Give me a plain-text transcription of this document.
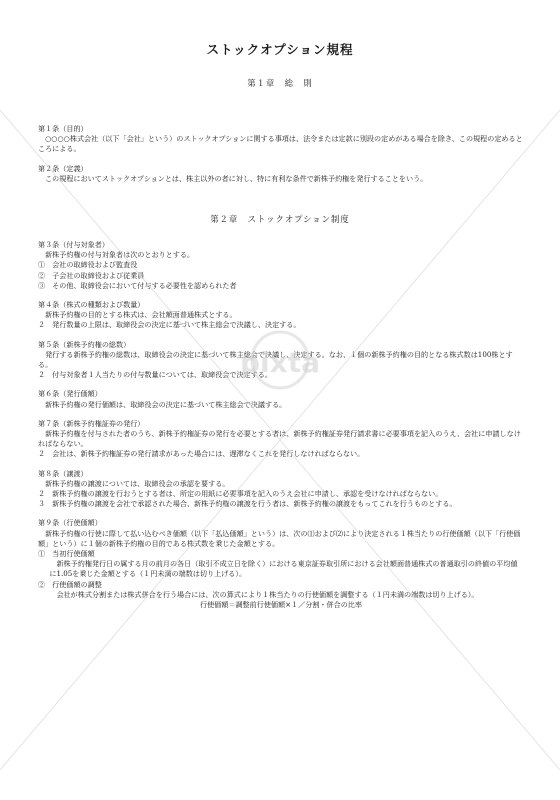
ストックオプション規程
第１章　総　則

第１条（目的）

○○○○株式会社（以下「会社」という）のストックオプションに関する事項は、法令または定款に別段の定めがある場合を除き、この規程の定めるところによる。

第２条（定義）

この規程においてストックオプションとは、株主以外の者に対し、特に有利な条件で新株予約権を発行することをいう。

第２章　ストックオプション制度

第３条（付与対象者）

新株予約権の付与対象者は次のとおりとする。

①　会社の取締役および監査役

②　子会社の取締役および従業員

③　その他、取締役会において付与する必要性を認められた者

第４条（株式の種類および数量）

新株予約権の目的とする株式は、会社額面普通株式とする。

２　発行数量の上限は、取締役会の決定に基づいて株主総会で決議し、決定する。

第５条（新株予約権の総数）

発行する新株予約権の総数は、取締役会の決定に基づいて株主総会で決議し、決定する。なお、１個の新株予約権の目的となる株式数は100株とする。

２　付与対象者１人当たりの付与数量については、取締役会で決定する。

第６条（発行価額）

新株予約権の発行価額は、取締役会の決定に基づいて株主総会で決議する。

第７条（新株予約権証券の発行）

新株予約権を付与された者のうち、新株予約権証券の発行を必要とする者は、新株予約権証券発行請求書に必要事項を記入のうえ、会社に申請しなければならない。

２　会社は、新株予約権証券の発行請求があった場合には、遅滞なくこれを発行しなければならない。

第８条（譲渡）

新株予約権の譲渡については、取締役会の承認を要する。

２　新株予約権の譲渡を行おうとする者は、所定の用紙に必要事項を記入のうえ会社に申請し、承認を受けなければならない。

３　新株予約権の譲渡を会社で承認された場合、新株予約権の譲渡を行う者は、新株予約権の譲渡をもってこれを行うものとする。

第９条（行使価額）

新株予約権の行使に際して払い込むべき価額（以下「払込価額」という）は、次の⑴および⑵により決定される１株当たりの行使価額（以下「行使価額」という）に１個の新株予約権の目的である株式数を乗じた金額とする。

①　当初行使価額

新株予約権発行日の属する月の前月の各日（取引不成立日を除く）における東京証券取引所における会社額面普通株式の普通取引の終値の平均値に1.05を乗じた金額とする（１円未満の端数は切り上げる）。

②　行使価額の調整

会社が株式分割または株式併合を行う場合には、次の算式により１株当たりの行使価額を調整する（１円未満の端数は切り上げる）。

行使価額＝調整前行使価額×１／分割・併合の比率

pixta
